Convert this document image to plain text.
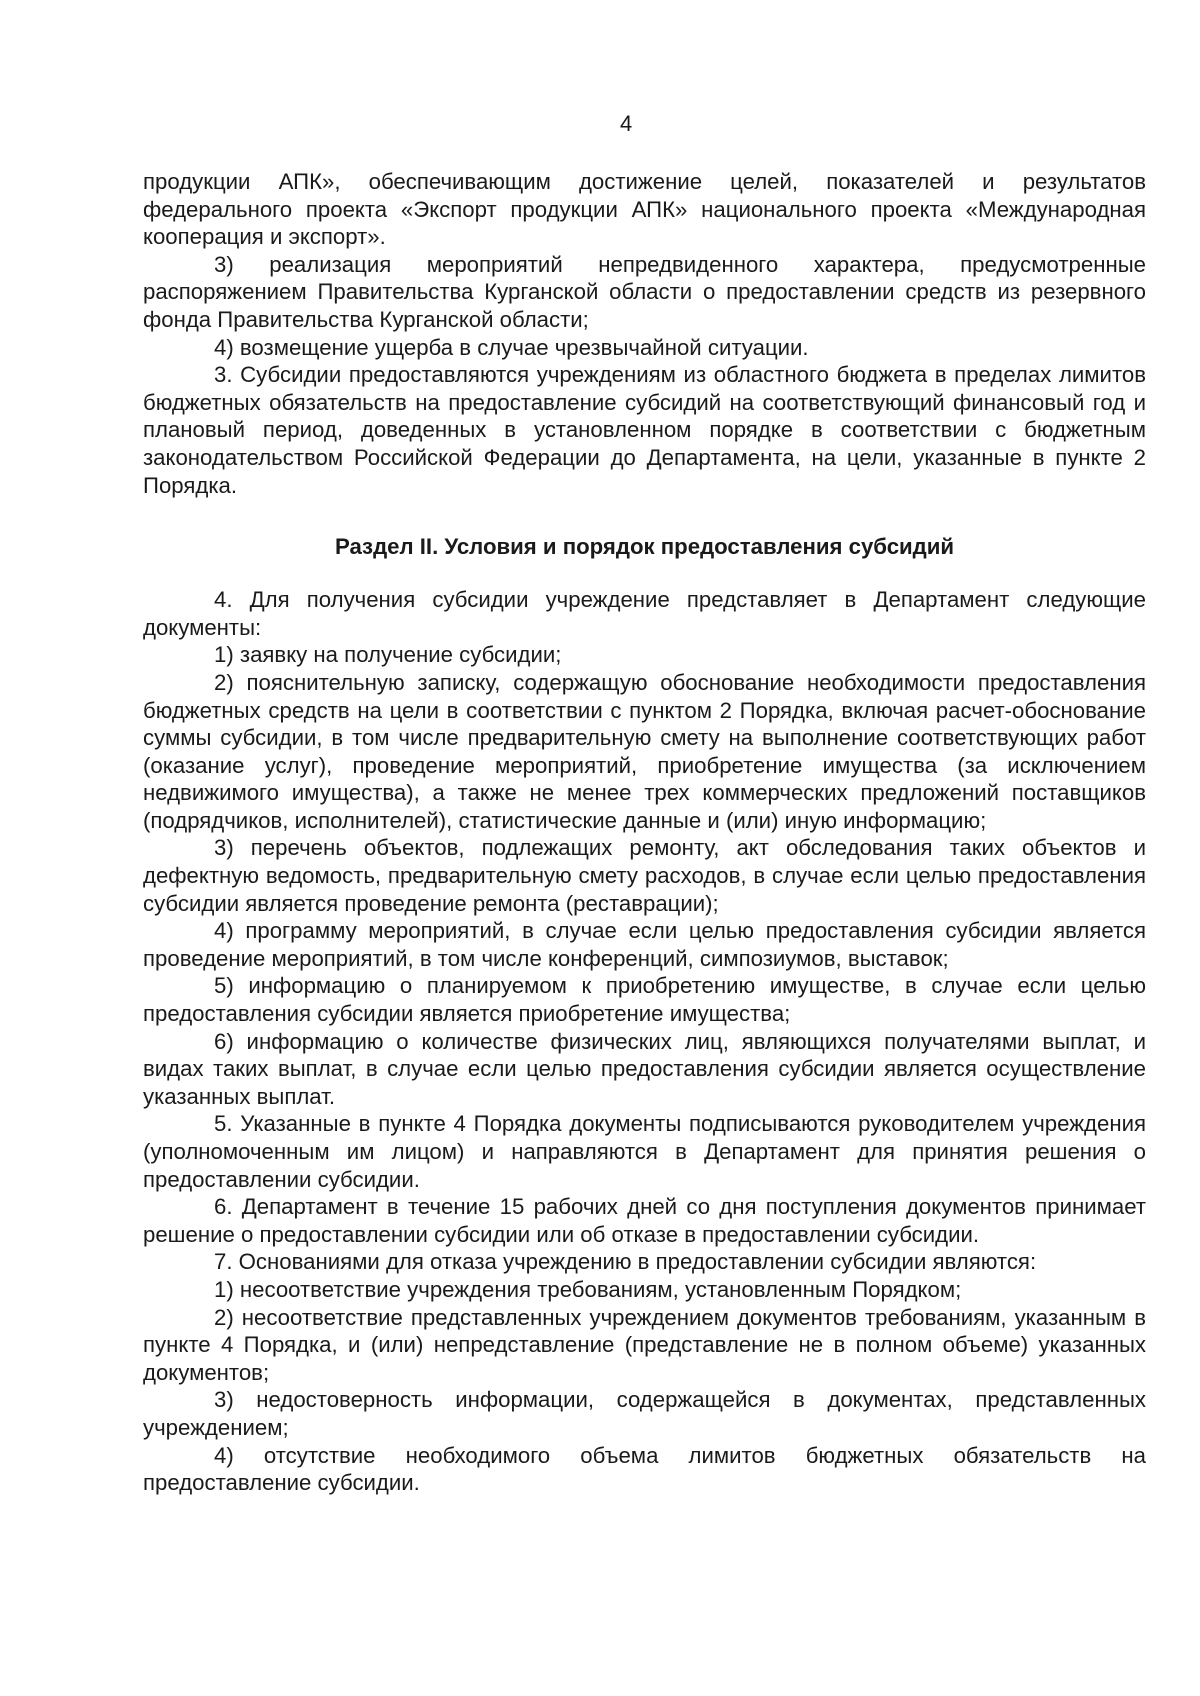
4

продукции АПК», обеспечивающим достижение целей, показателей и результатов федерального проекта «Экспорт продукции АПК» национального проекта «Международная кооперация и экспорт».

3) реализация мероприятий непредвиденного характера, предусмотренные распоряжением Правительства Курганской области о предоставлении средств из резервного фонда Правительства Курганской области;

4) возмещение ущерба в случае чрезвычайной ситуации.

3. Субсидии предоставляются учреждениям из областного бюджета в пределах лимитов бюджетных обязательств на предоставление субсидий на соответствующий финансовый год и плановый период, доведенных в установленном порядке в соответствии с бюджетным законодательством Российской Федерации до Департамента, на цели, указанные в пункте 2 Порядка.

Раздел II. Условия и порядок предоставления субсидий

4. Для получения субсидии учреждение представляет в Департамент следующие документы:

1) заявку на получение субсидии;

2) пояснительную записку, содержащую обоснование необходимости предоставления бюджетных средств на цели в соответствии с пунктом 2 Порядка, включая расчет-обоснование суммы субсидии, в том числе предварительную смету на выполнение соответствующих работ (оказание услуг), проведение мероприятий, приобретение имущества (за исключением недвижимого имущества), а также не менее трех коммерческих предложений поставщиков (подрядчиков, исполнителей), статистические данные и (или) иную информацию;

3) перечень объектов, подлежащих ремонту, акт обследования таких объектов и дефектную ведомость, предварительную смету расходов, в случае если целью предоставления субсидии является проведение ремонта (реставрации);

4) программу мероприятий, в случае если целью предоставления субсидии является проведение мероприятий, в том числе конференций, симпозиумов, выставок;

5) информацию о планируемом к приобретению имуществе, в случае если целью предоставления субсидии является приобретение имущества;

6) информацию о количестве физических лиц, являющихся получателями выплат, и видах таких выплат, в случае если целью предоставления субсидии является осуществление указанных выплат.

5. Указанные в пункте 4 Порядка документы подписываются руководителем учреждения (уполномоченным им лицом) и направляются в Департамент для принятия решения о предоставлении субсидии.

6. Департамент в течение 15 рабочих дней со дня поступления документов принимает решение о предоставлении субсидии или об отказе в предоставлении субсидии.

7. Основаниями для отказа учреждению в предоставлении субсидии являются:

1) несоответствие учреждения требованиям, установленным Порядком;

2) несоответствие представленных учреждением документов требованиям, указанным в пункте 4 Порядка, и (или) непредставление (представление не в полном объеме) указанных документов;

3) недостоверность информации, содержащейся в документах, представленных учреждением;

4) отсутствие необходимого объема лимитов бюджетных обязательств на предоставление субсидии.
